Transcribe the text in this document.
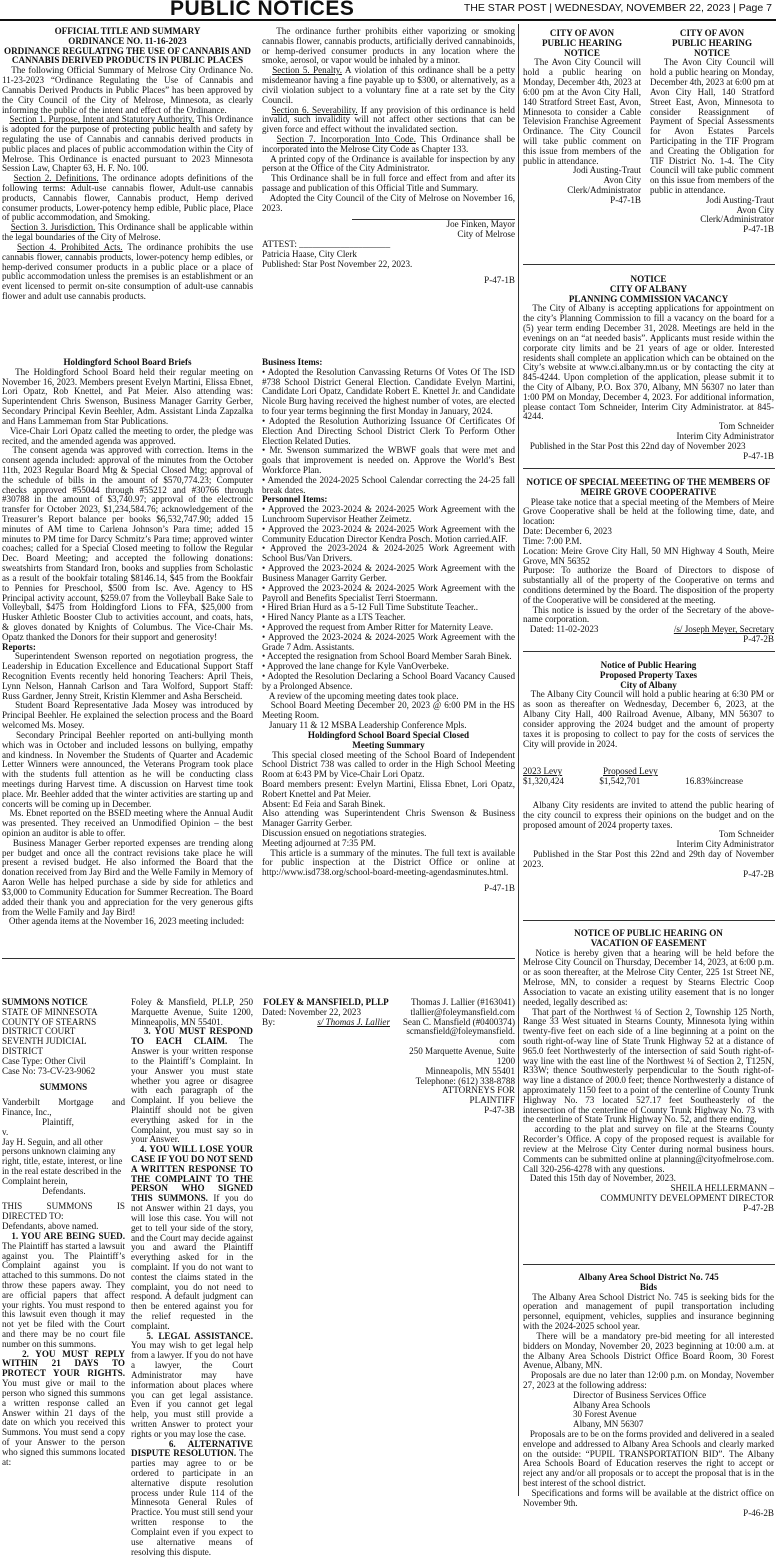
PUBLIC NOTICES	THE STAR POST | WEDNESDAY, NOVEMBER 22, 2023 | Page 7

OFFICIAL TITLE AND SUMMARY

ORDINANCE NO. 11-16-2023

ORDINANCE REGULATING THE USE OF CANNABIS AND CANNABIS DERIVED PRODUCTS IN PUBLIC PLACES

The following Official Summary of Melrose City Ordinance No. 11-23-2023 “Ordinance Regulating the Use of Cannabis and Cannabis Derived Products in Public Places” has been approved by the City Council of the City of Melrose, Minnesota, as clearly informing the public of the intent and effect of the Ordinance.

Section 1. Purpose, Intent and Statutory Authority. This Ordinance is adopted for the purpose of protecting public health and safety by regulating the use of Cannabis and cannabis derived products in public places and places of public accommodation within the City of Melrose. This Ordinance is enacted pursuant to 2023 Minnesota Session Law, Chapter 63, H. F. No. 100.

Section 2. Definitions. The ordinance adopts definitions of the following terms: Adult-use cannabis flower, Adult-use cannabis products, Cannabis flower, Cannabis product, Hemp derived consumer products, Lower-potency hemp edible, Public place, Place of public accommodation, and Smoking.

Section 3. Jurisdiction. This Ordinance shall be applicable within the legal boundaries of the City of Melrose.

Section 4. Prohibited Acts. The ordinance prohibits the use cannabis flower, cannabis products, lower-potency hemp edibles, or hemp-derived consumer products in a public place or a place of public accommodation unless the premises is an establishment or an event licensed to permit on-site consumption of adult-use cannabis flower and adult use cannabis products.

The ordinance further prohibits either vaporizing or smoking cannabis flower, cannabis products, artificially derived cannabinoids, or hemp-derived consumer products in any location where the smoke, aerosol, or vapor would be inhaled by a minor.

Section 5. Penalty. A violation of this ordinance shall be a petty misdemeanor having a fine payable up to $300, or alternatively, as a civil violation subject to a voluntary fine at a rate set by the City Council.

Section 6. Severability. If any provision of this ordinance is held invalid, such invalidity will not affect other sections that can be given force and effect without the invalidated section.

Section 7. Incorporation Into Code. This Ordinance shall be incorporated into the Melrose City Code as Chapter 133.

A printed copy of the Ordinance is available for inspection by any person at the Office of the City Administrator.

This Ordinance shall be in full force and effect from and after its passage and publication of this Official Title and Summary.

Adopted the City Council of the City of Melrose on November 16, 2023.

Joe Finken, Mayor

City of Melrose

ATTEST: ____________________

Patricia Haase, City Clerk

Published: Star Post November 22, 2023.

P-47-1B

CITY OF AVON

PUBLIC HEARING

NOTICE

The Avon City Council will hold a public hearing on Monday, December 4th, 2023 at 6:00 pm at the Avon City Hall, 140 Stratford Street East, Avon, Minnesota to consider a Cable Television Franchise Agreement Ordinance. The City Council will take public comment on this issue from members of the public in attendance.

Jodi Austing-Traut

Avon City

Clerk/Administrator

P-47-1B

CITY OF AVON

PUBLIC HEARING

NOTICE

The Avon City Council will hold a public hearing on Monday, December 4th, 2023 at 6:00 pm at Avon City Hall, 140 Stratford Street East, Avon, Minnesota to consider Reassignment of Payment of Special Assessments for Avon Estates Parcels Participating in the TIF Program and Creating the Obligation for TIF District No. 1-4. The City Council will take public comment on this issue from members of the public in attendance.

Jodi Austing-Traut

Avon City

Clerk/Administrator

P-47-1B

NOTICE

CITY OF ALBANY

PLANNING COMMISSION VACANCY

The City of Albany is accepting applications for appointment on the city’s Planning Commission to fill a vacancy on the board for a (5) year term ending December 31, 2028. Meetings are held in the evenings on an “at needed basis”. Applicants must reside within the corporate city limits and be 21 years of age or older. Interested residents shall complete an application which can be obtained on the City’s website at www.ci.albany.mn.us or by contacting the city at 845-4244. Upon completion of the application, please submit it to the City of Albany, P.O. Box 370, Albany, MN 56307 no later than 1:00 PM on Monday, December 4, 2023. For additional information, please contact Tom Schneider, Interim City Administrator. at 845-4244.

Tom Schneider

Interim City Administrator

Published in the Star Post this 22nd day of November 2023

P-47-1B

NOTICE OF SPECIAL MEEETING OF THE MEMBERS OF MEIRE GROVE COOPERATIVE

Please take notice that a special meeting of the Members of Meire Grove Cooperative shall be held at the following time, date, and location:

Date: December 6, 2023

Time: 7:00 P.M.

Location: Meire Grove City Hall, 50 MN Highway 4 South, Meire Grove, MN 56352

Purpose: To authorize the Board of Directors to dispose of substantially all of the property of the Cooperative on terms and conditions determined by the Board. The disposition of the property of the Cooperative will be considered at the meeting.

This notice is issued by the order of the Secretary of the above-name corporation.

Dated: 11-02-2023	/s/ Joseph Meyer, Secretary

P-47-2B

Notice of Public Hearing

Proposed Property Taxes

City of Albany

The Albany City Council will hold a public hearing at 6:30 PM or as soon as thereafter on Wednesday, December 6, 2023, at the Albany City Hall, 400 Railroad Avenue, Albany, MN 56307 to consider approving the 2024 budget and the amount of property taxes it is proposing to collect to pay for the costs of services the City will provide in 2024.

2023 Levy	Proposed Levy
$1,320,424	$1,542,701	16.83%increase

Albany City residents are invited to attend the public hearing of the city council to express their opinions on the budget and on the proposed amount of 2024 property taxes.

Tom Schneider

Interim City Administrator

Published in the Star Post this 22nd and 29th day of November 2023.

P-47-2B

Holdingford School Board Briefs

The Holdingford School Board held their regular meeting on November 16, 2023. Members present Evelyn Martini, Elissa Ebnet, Lori Opatz, Rob Knettel, and Pat Meier. Also attending was: Superintendent Chris Swenson, Business Manager Garrity Gerber, Secondary Principal Kevin Beehler, Adm. Assistant Linda Zapzalka and Hans Lammeman from Star Publications.

Vice-Chair Lori Opatz called the meeting to order, the pledge was recited, and the amended agenda was approved.

The consent agenda was approved with correction. Items in the consent agenda included: approval of the minutes from the October 11th, 2023 Regular Board Mtg & Special Closed Mtg; approval of the schedule of bills in the amount of $570,774.23; Computer checks approved #55044 through #55212 and #30766 through #30788 in the amount of $3,740.97; approval of the electronic transfer for October 2023, $1,234,584.76; acknowledgement of the Treasurer’s Report balance per books $6,532,747.90; added 15 minutes of AM time to Carlena Johnson’s Para time; added 15 minutes to PM time for Darcy Schmitz’s Para time; approved winter coaches; called for a Special Closed meeting to follow the Regular Dec. Board Meeting; and accepted the following donations: sweatshirts from Standard Iron, books and supplies from Scholastic as a result of the bookfair totaling $8146.14, $45 from the Bookfair to Pennies for Preschool, $500 from Isc. Ave. Agency to HS Principal activity account, $259.07 from the Volleyball Bake Sale to Volleyball, $475 from Holdingford Lions to FFA, $25,000 from Husker Athletic Booster Club to activities account, and coats, hats, & gloves donated by Knights of Columbus. The Vice-Chair Ms. Opatz thanked the Donors for their support and generosity!

Reports:

Superintendent Swenson reported on negotiation progress, the Leadership in Education Excellence and Educational Support Staff Recognition Events recently held honoring Teachers: April Theis, Lynn Nelson, Hannah Carlson and Tara Wolford, Support Staff: Russ Gardner, Jenny Streit, Kristin Klemmer and Asha Berscheid.

Student Board Representative Jada Mosey was introduced by Principal Beehler. He explained the selection process and the Board welcomed Ms. Mosey.

Secondary Principal Beehler reported on anti-bullying month which was in October and included lessons on bullying, empathy and kindness. In November the Students of Quarter and Academic Letter Winners were announced, the Veterans Program took place with the students full attention as he will be conducting class meetings during Harvest time. A discussion on Harvest time took place. Mr. Beehler added that the winter activities are starting up and concerts will be coming up in December.

Ms. Ebnet reported on the BSED meeting where the Annual Audit was presented. They received an Unmodified Opinion – the best opinion an auditor is able to offer.

Business Manager Gerber reported expenses are trending along per budget and once all the contract revisions take place he will present a revised budget. He also informed the Board that the donation received from Jay Bird and the Welle Family in Memory of Aaron Welle has helped purchase a side by side for athletics and $3,000 to Community Education for Summer Recreation. The Board added their thank you and appreciation for the very generous gifts from the Welle Family and Jay Bird!

Other agenda items at the November 16, 2023 meeting included:

Business Items:

• Adopted the Resolution Canvassing Returns Of Votes Of The ISD #738 School District General Election. Candidate Evelyn Martini, Candidate Lori Opatz, Candidate Robert E. Knettel Jr. and Candidate Nicole Burg having received the highest number of votes, are elected to four year terms beginning the first Monday in January, 2024.

• Adopted the Resolution Authorizing Issuance Of Certificates Of Election And Directing School District Clerk To Perform Other Election Related Duties.

• Mr. Swenson summarized the WBWF goals that were met and goals that improvement is needed on. Approve the World’s Best Workforce Plan.

• Amended the 2024-2025 School Calendar correcting the 24-25 fall break dates.

Personnel Items:

• Approved the 2023-2024 & 2024-2025 Work Agreement with the Lunchroom Supervisor Heather Zeimetz.

• Approved the 2023-2024 & 2024-2025 Work Agreement with the Community Education Director Kendra Posch. Motion carried.AIF.

• Approved the 2023-2024 & 2024-2025 Work Agreement with School Bus/Van Drivers.

• Approved the 2023-2024 & 2024-2025 Work Agreement with the Business Manager Garrity Gerber.

• Approved the 2023-2024 & 2024-2025 Work Agreement with the Payroll and Benefits Specialist Terri Stoermann.

• Hired Brian Hurd as a 5-12 Full Time Substitute Teacher..

• Hired Nancy Plante as a LTS Teacher.

• Approved the request from Amber Ritter for Maternity Leave.

• Approved the 2023-2024 & 2024-2025 Work Agreement with the Grade 7 Adm. Assistants.

• Accepted the resignation from School Board Member Sarah Binek.

• Approved the lane change for Kyle VanOverbeke.

• Adopted the Resolution Declaring a School Board Vacancy Caused by a Prolonged Absence.

A review of the upcoming meeting dates took place.

School Board Meeting December 20, 2023 @ 6:00 PM in the HS Meeting Room.

January 11 & 12 MSBA Leadership Conference Mpls.

Holdingford School Board Special Closed

Meeting Summary

This special closed meeting of the School Board of Independent School District 738 was called to order in the High School Meeting Room at 6:43 PM by Vice-Chair Lori Opatz.

Board members present: Evelyn Martini, Elissa Ebnet, Lori Opatz, Robert Knettel and Pat Meier.

Absent: Ed Feia and Sarah Binek.

Also attending was Superintendent Chris Swenson & Business Manager Garrity Gerber.

Discussion ensued on negotiations strategies.

Meeting adjourned at 7:35 PM.

This article is a summary of the minutes. The full text is available for public inspection at the District Office or online at http://www.isd738.org/school-board-meeting-agendasminutes.html.

P-47-1B

NOTICE OF PUBLIC HEARING ON

VACATION OF EASEMENT

Notice is hereby given that a hearing will be held before the Melrose City Council on Thursday, December 14, 2023, at 6:00 p.m. or as soon thereafter, at the Melrose City Center, 225 1st Street NE, Melrose, MN, to consider a request by Stearns Electric Coop Association to vacate an existing utility easement that is no longer needed, legally described as:

That part of the Northwest ¼ of Section 2, Township 125 North, Range 33 West situated in Stearns County, Minnesota lying within twenty-five feet on each side of a line beginning at a point on the south right-of-way line of State Trunk Highway 52 at a distance of 965.0 feet Northwesterly of the intersection of said South right-of-way line with the east line of the Northwest ¼ of Section 2, T125N, R33W; thence Southwesterly perpendicular to the South right-of-way line a distance of 200.0 feet; thence Northwesterly a distance of approximately 1150 feet to a point of the centerline of County Trunk Highway No. 73 located 527.17 feet Southeasterly of the intersection of the centerline of County Trunk Highway No. 73 with the centerline of State Trunk Highway No. 52, and there ending,

according to the plat and survey on file at the Stearns County Recorder’s Office. A copy of the proposed request is available for review at the Melrose City Center during normal business hours. Comments can be submitted online at planning@cityofmelrose.com. Call 320-256-4278 with any questions.

Dated this 15th day of November, 2023.

SHEILA HELLERMANN –

COMMUNITY DEVELOPMENT DIRECTOR

P-47-2B

Albany Area School District No. 745

Bids

The Albany Area School District No. 745 is seeking bids for the operation and management of pupil transportation including personnel, equipment, vehicles, supplies and insurance beginning with the 2024-2025 school year.

There will be a mandatory pre-bid meeting for all interested bidders on Monday, November 20, 2023 beginning at 10:00 a.m. at the Albany Area Schools District Office Board Room, 30 Forest Avenue, Albany, MN.

Proposals are due no later than 12:00 p.m. on Monday, November 27, 2023 at the following address:

Director of Business Services Office

Albany Area Schools

30 Forest Avenue

Albany, MN 56307

Proposals are to be on the forms provided and delivered in a sealed envelope and addressed to Albany Area Schools and clearly marked on the outside: “PUPIL TRANSPORTATION BID”. The Albany Area Schools Board of Education reserves the right to accept or reject any and/or all proposals or to accept the proposal that is in the best interest of the school district.

Specifications and forms will be available at the district office on November 9th.

P-46-2B

SUMMONS NOTICE

STATE OF MINNESOTA

COUNTY OF STEARNS

DISTRICT COURT

SEVENTH JUDICIAL

DISTRICT

Case Type: Other Civil

Case No: 73-CV-23-9062

SUMMONS

Vanderbilt Mortgage and Finance, Inc.,

Plaintiff,

v.

Jay H. Seguin, and all other persons unknown claiming any right, title, estate, interest, or line in the real estate described in the Complaint herein,

Defendants.

THIS SUMMONS IS DIRECTED TO:

Defendants, above named.

1. YOU ARE BEING SUED. The Plaintiff has started a lawsuit against you. The Plaintiff’s Complaint against you is attached to this summons. Do not throw these papers away. They are official papers that affect your rights. You must respond to this lawsuit even though it may not yet be filed with the Court and there may be no court file number on this summons.

2. YOU MUST REPLY WITHIN 21 DAYS TO PROTECT YOUR RIGHTS. You must give or mail to the person who signed this summons a written response called an Answer within 21 days of the date on which you received this Summons. You must send a copy of your Answer to the person who signed this summons located at:

Foley & Mansfield, PLLP, 250 Marquette Avenue, Suite 1200, Minneapolis, MN 55401.

3. YOU MUST RESPOND TO EACH CLAIM. The Answer is your written response to the Plaintiff’s Complaint. In your Answer you must state whether you agree or disagree with each paragraph of the Complaint. If you believe the Plaintiff should not be given everything asked for in the Complaint, you must say so in your Answer.

4. YOU WILL LOSE YOUR CASE IF YOU DO NOT SEND A WRITTEN RESPONSE TO THE COMPLAINT TO THE PERSON WHO SIGNED THIS SUMMONS. If you do not Answer within 21 days, you will lose this case. You will not get to tell your side of the story, and the Court may decide against you and award the Plaintiff everything asked for in the complaint. If you do not want to contest the claims stated in the complaint, you do not need to respond. A default judgment can then be entered against you for the relief requested in the complaint.

5. LEGAL ASSISTANCE. You may wish to get legal help from a lawyer. If you do not have a lawyer, the Court Administrator may have information about places where you can get legal assistance. Even if you cannot get legal help, you must still provide a written Answer to protect your rights or you may lose the case.

6. ALTERNATIVE DISPUTE RESOLUTION. The parties may agree to or be ordered to participate in an alternative dispute resolution process under Rule 114 of the Minnesota General Rules of Practice. You must still send your written response to the Complaint even if you expect to use alternative means of resolving this dispute.

FOLEY & MANSFIELD, PLLP

Dated: November 22, 2023

By:	s/ Thomas J. Lallier

Thomas J. Lallier (#163041)

tlallier@foleymansfield.com

Sean C. Mansfield (#0400374)

scmansfield@foleymansfield.

com

250 Marquette Avenue, Suite

1200

Minneapolis, MN 55401

Telephone: (612) 338-8788

ATTORNEYS FOR

PLAINTIFF

P-47-3B
